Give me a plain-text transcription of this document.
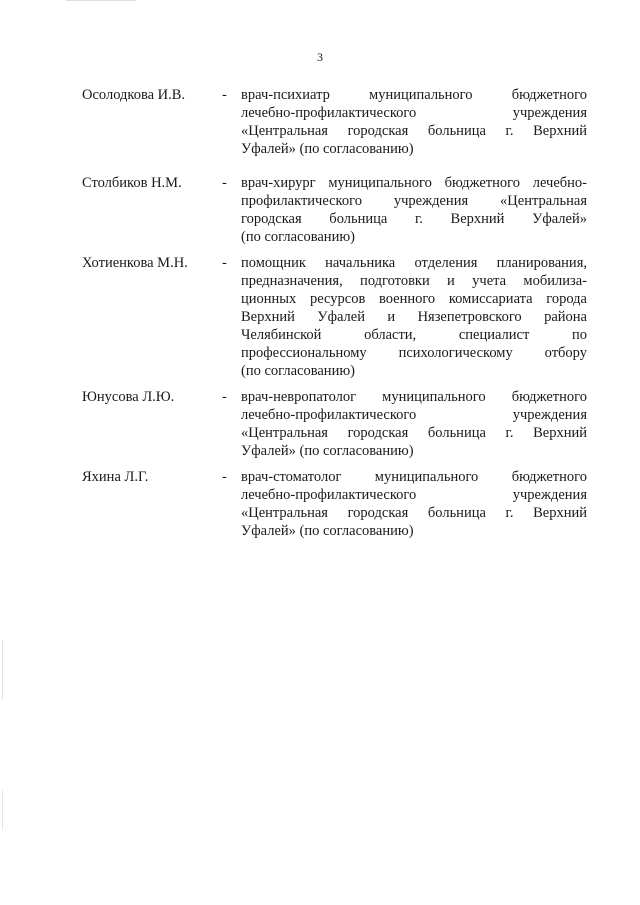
3
Осолодкова И.В.	- врач-психиатр муниципального бюджетного
лечебно-профилактического учреждения
«Центральная городская больница г. Верхний
Уфалей» (по согласованию)
Столбиков Н.М.	- врач-хирург муниципального бюджетного лечебно-
профилактического учреждения «Центральная
городская больница г. Верхний Уфалей»
(по согласованию)
Хотиенкова М.Н. - помощник начальника отделения планирования,
предназначения, подготовки и учета мобилиза-
ционных ресурсов военного комиссариата города
Верхний Уфалей и Нязепетровского района
Челябинской области, специалист по
профессиональному психологическому отбору
(по согласованию)
Юнусова Л.Ю.	- врач-невропатолог муниципального бюджетного
лечебно-профилактического учреждения
«Центральная городская больница г. Верхний
Уфалей» (по согласованию)
Яхина Л.Г.	- врач-стоматолог муниципального бюджетного
лечебно-профилактического учреждения
«Центральная городская больница г. Верхний
Уфалей» (по согласованию)
